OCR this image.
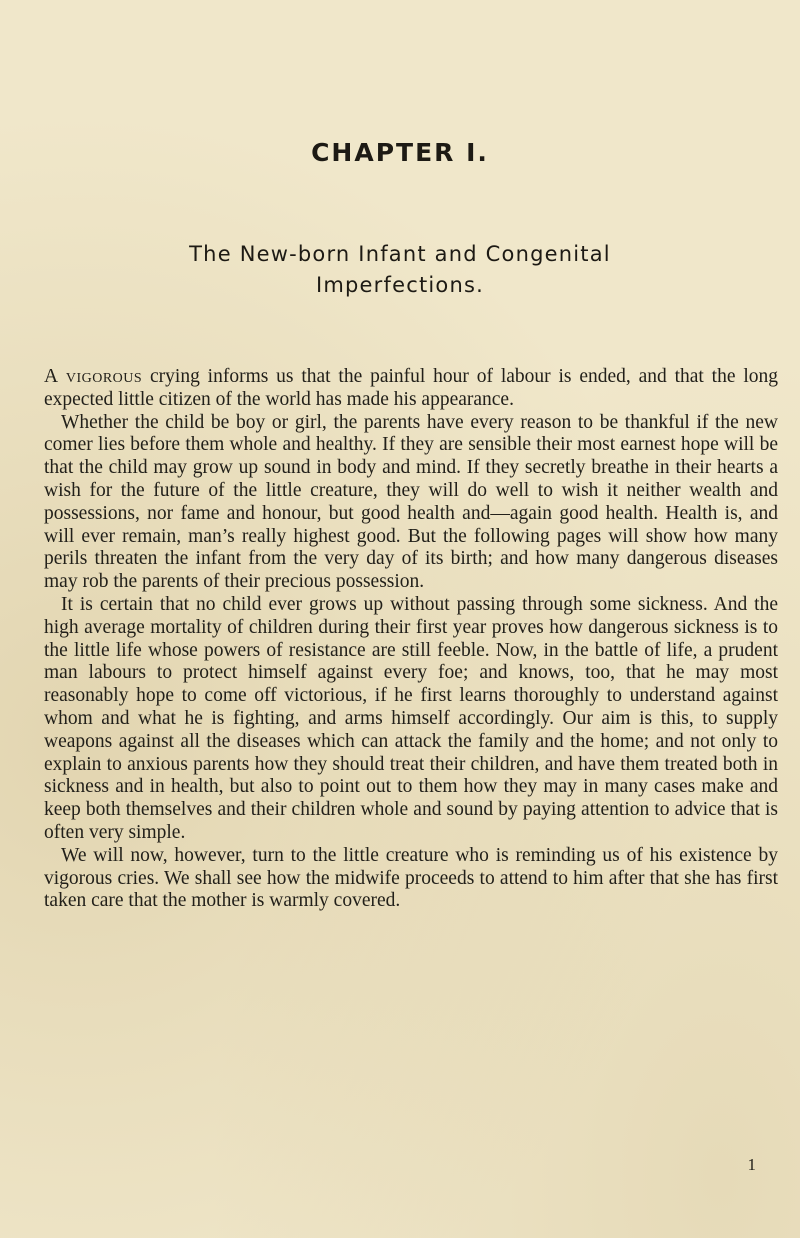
CHAPTER I.
The New-born Infant and Congenital
Imperfections.

A vigorous crying informs us that the painful hour of labour is ended, and that the long expected little citizen of the world has made his appearance.

Whether the child be boy or girl, the parents have every reason to be thankful if the new comer lies before them whole and healthy. If they are sensible their most earnest hope will be that the child may grow up sound in body and mind. If they secretly breathe in their hearts a wish for the future of the little creature, they will do well to wish it neither wealth and possessions, nor fame and honour, but good health and—again good health. Health is, and will ever remain, man’s really highest good. But the following pages will show how many perils threaten the infant from the very day of its birth; and how many dangerous diseases may rob the parents of their precious possession.

It is certain that no child ever grows up without passing through some sickness. And the high average mortality of children during their first year proves how dangerous sickness is to the little life whose powers of resistance are still feeble. Now, in the battle of life, a prudent man labours to protect himself against every foe; and knows, too, that he may most reasonably hope to come off victorious, if he first learns thoroughly to understand against whom and what he is fighting, and arms himself accordingly. Our aim is this, to supply weapons against all the diseases which can attack the family and the home; and not only to explain to anxious parents how they should treat their children, and have them treated both in sickness and in health, but also to point out to them how they may in many cases make and keep both themselves and their children whole and sound by paying attention to advice that is often very simple.

We will now, however, turn to the little creature who is reminding us of his existence by vigorous cries. We shall see how the midwife proceeds to attend to him after that she has first taken care that the mother is warmly covered.

1
